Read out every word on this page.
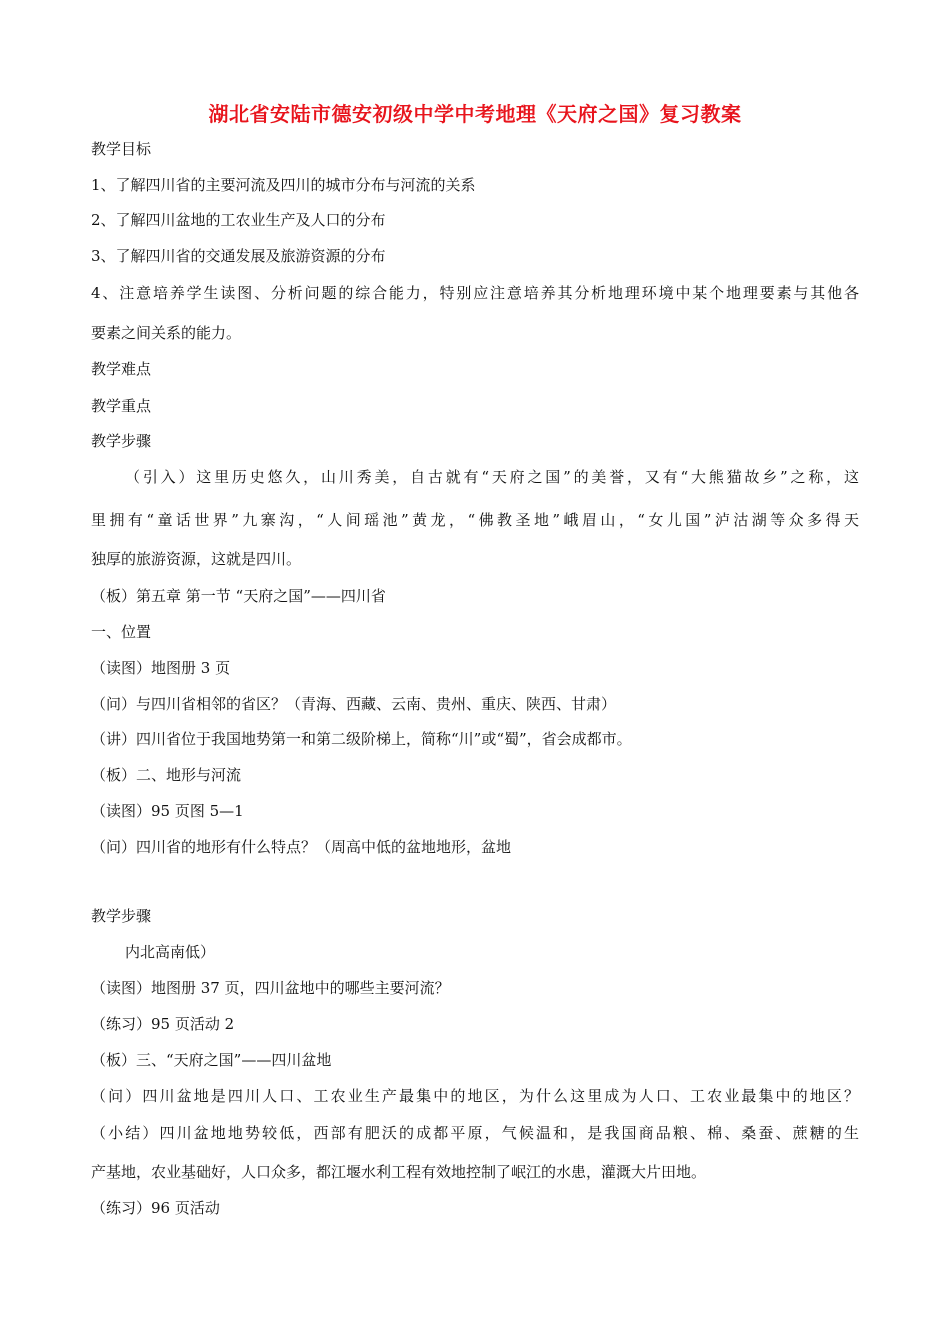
湖北省安陆市德安初级中学中考地理《天府之国》复习教案
教学目标
1、了解四川省的主要河流及四川的城市分布与河流的关系
2、了解四川盆地的工农业生产及人口的分布
3、了解四川省的交通发展及旅游资源的分布
4、注意培养学生读图、分析问题的综合能力，特别应注意培养其分析地理环境中某个地理要素与其他各
要素之间关系的能力。
教学难点
教学重点
教学步骤
（引入）这里历史悠久，山川秀美，自古就有“天府之国”的美誉，又有“大熊猫故乡”之称，这
里拥有“童话世界”九寨沟，“人间瑶池”黄龙，“佛教圣地”峨眉山，“女儿国”泸沽湖等众多得天
独厚的旅游资源，这就是四川。
（板）第五章 第一节 “天府之国”——四川省
一、位置
（读图）地图册 3 页
（问）与四川省相邻的省区？（青海、西藏、云南、贵州、重庆、陕西、甘肃）
（讲）四川省位于我国地势第一和第二级阶梯上，简称“川”或“蜀”，省会成都市。
（板）二、地形与河流
（读图）95 页图 5—1
（问）四川省的地形有什么特点？（周高中低的盆地地形，盆地
教学步骤
内北高南低）
（读图）地图册 37 页，四川盆地中的哪些主要河流？
（练习）95 页活动 2
（板）三、“天府之国”——四川盆地
（问）四川盆地是四川人口、工农业生产最集中的地区，为什么这里成为人口、工农业最集中的地区？
（小结）四川盆地地势较低，西部有肥沃的成都平原，气候温和，是我国商品粮、棉、桑蚕、蔗糖的生
产基地，农业基础好，人口众多，都江堰水利工程有效地控制了岷江的水患，灌溉大片田地。
（练习）96 页活动
